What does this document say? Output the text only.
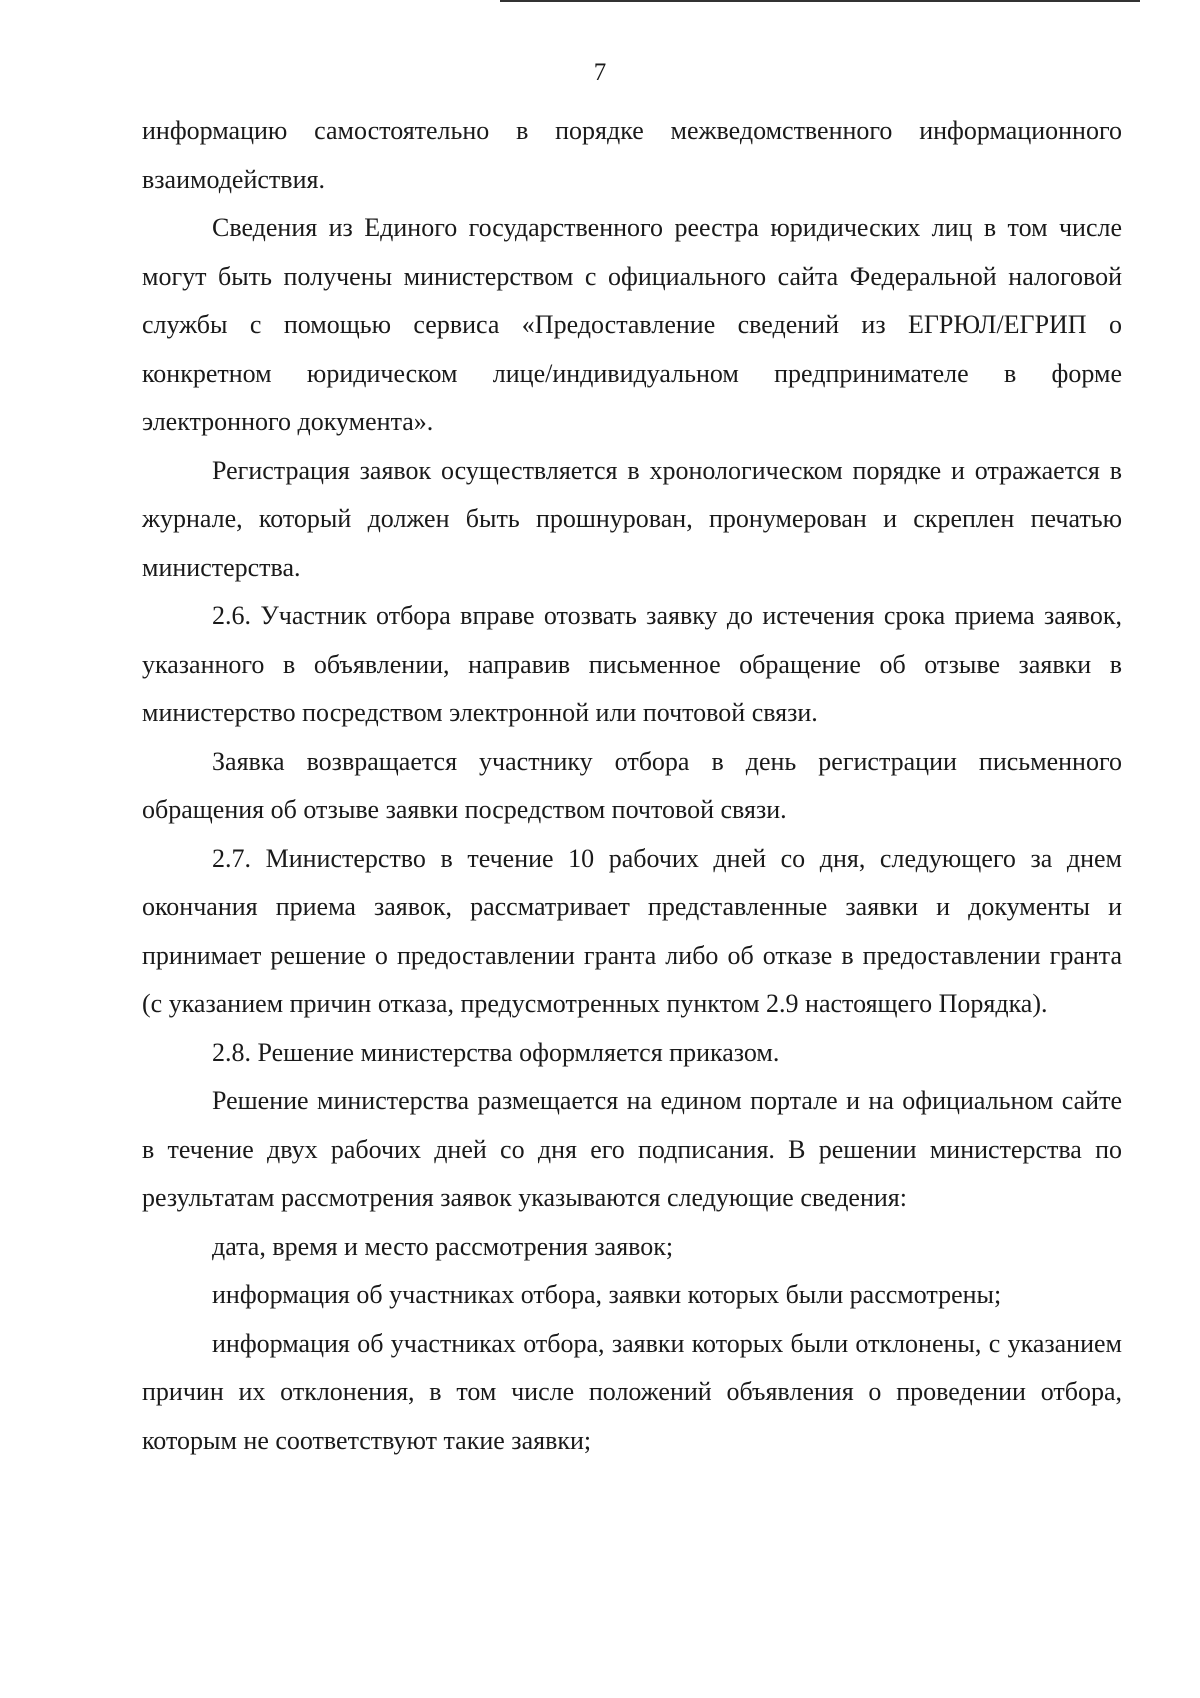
7

информацию самостоятельно в порядке межведомственного информационного взаимодействия.

Сведения из Единого государственного реестра юридических лиц в том числе могут быть получены министерством с официального сайта Федеральной налоговой службы с помощью сервиса «Предоставление сведений из ЕГРЮЛ/ЕГРИП о конкретном юридическом лице/индивидуальном предпринимателе в форме электронного документа».

Регистрация заявок осуществляется в хронологическом порядке и отражается в журнале, который должен быть прошнурован, пронумерован и скреплен печатью министерства.

2.6. Участник отбора вправе отозвать заявку до истечения срока приема заявок, указанного в объявлении, направив письменное обращение об отзыве заявки в министерство посредством электронной или почтовой связи.

Заявка возвращается участнику отбора в день регистрации письменного обращения об отзыве заявки посредством почтовой связи.

2.7. Министерство в течение 10 рабочих дней со дня, следующего за днем окончания приема заявок, рассматривает представленные заявки и документы и принимает решение о предоставлении гранта либо об отказе в предоставлении гранта (с указанием причин отказа, предусмотренных пунктом 2.9 настоящего Порядка).

2.8. Решение министерства оформляется приказом.

Решение министерства размещается на едином портале и на официальном сайте в течение двух рабочих дней со дня его подписания. В решении министерства по результатам рассмотрения заявок указываются следующие сведения:

дата, время и место рассмотрения заявок;

информация об участниках отбора, заявки которых были рассмотрены;

информация об участниках отбора, заявки которых были отклонены, с указанием причин их отклонения, в том числе положений объявления о проведении отбора, которым не соответствуют такие заявки;
